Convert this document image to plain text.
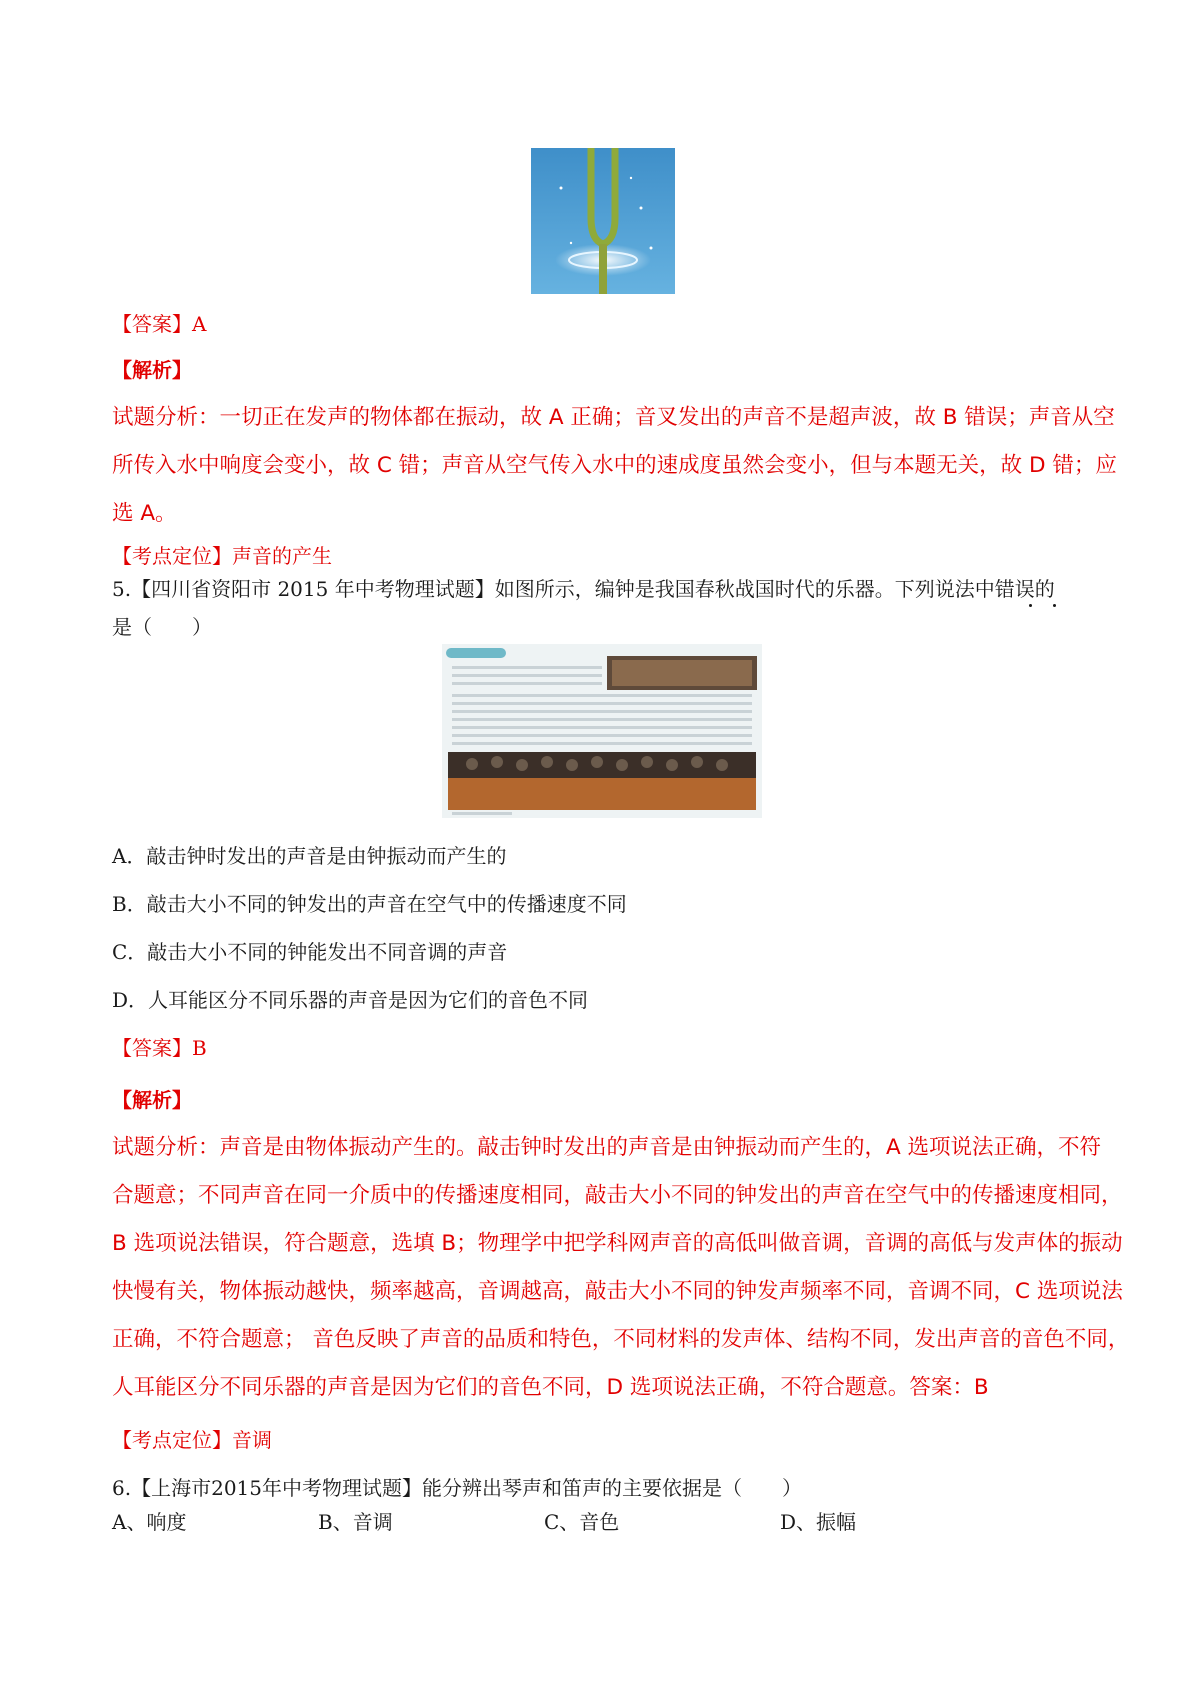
【答案】A
【解析】
试题分析：一切正在发声的物体都在振动，故 A 正确；音叉发出的声音不是超声波，故 B 错误；声音从空
所传入水中响度会变小，故 C 错；声音从空气传入水中的速成度虽然会变小，但与本题无关，故 D 错；应
选 A。
【考点定位】声音的产生
5.【四川省资阳市 2015 年中考物理试题】如图所示，编钟是我国春秋战国时代的乐器。下列说法中错误的
是（　　）
A．敲击钟时发出的声音是由钟振动而产生的
B．敲击大小不同的钟发出的声音在空气中的传播速度不同
C．敲击大小不同的钟能发出不同音调的声音
D．人耳能区分不同乐器的声音是因为它们的音色不同
【答案】B
【解析】
试题分析：声音是由物体振动产生的。敲击钟时发出的声音是由钟振动而产生的，A 选项说法正确，不符
合题意；不同声音在同一介质中的传播速度相同，敲击大小不同的钟发出的声音在空气中的传播速度相同，
B 选项说法错误，符合题意，选填 B；物理学中把学科网声音的高低叫做音调，音调的高低与发声体的振动
快慢有关，物体振动越快，频率越高，音调越高，敲击大小不同的钟发声频率不同，音调不同，C 选项说法
正确，不符合题意； 音色反映了声音的品质和特色，不同材料的发声体、结构不同，发出声音的音色不同，
人耳能区分不同乐器的声音是因为它们的音色不同，D 选项说法正确，不符合题意。答案：B
【考点定位】音调
6.【上海市2015年中考物理试题】能分辨出琴声和笛声的主要依据是（　　）
A、响度	B、音调	C、音色	D、振幅
